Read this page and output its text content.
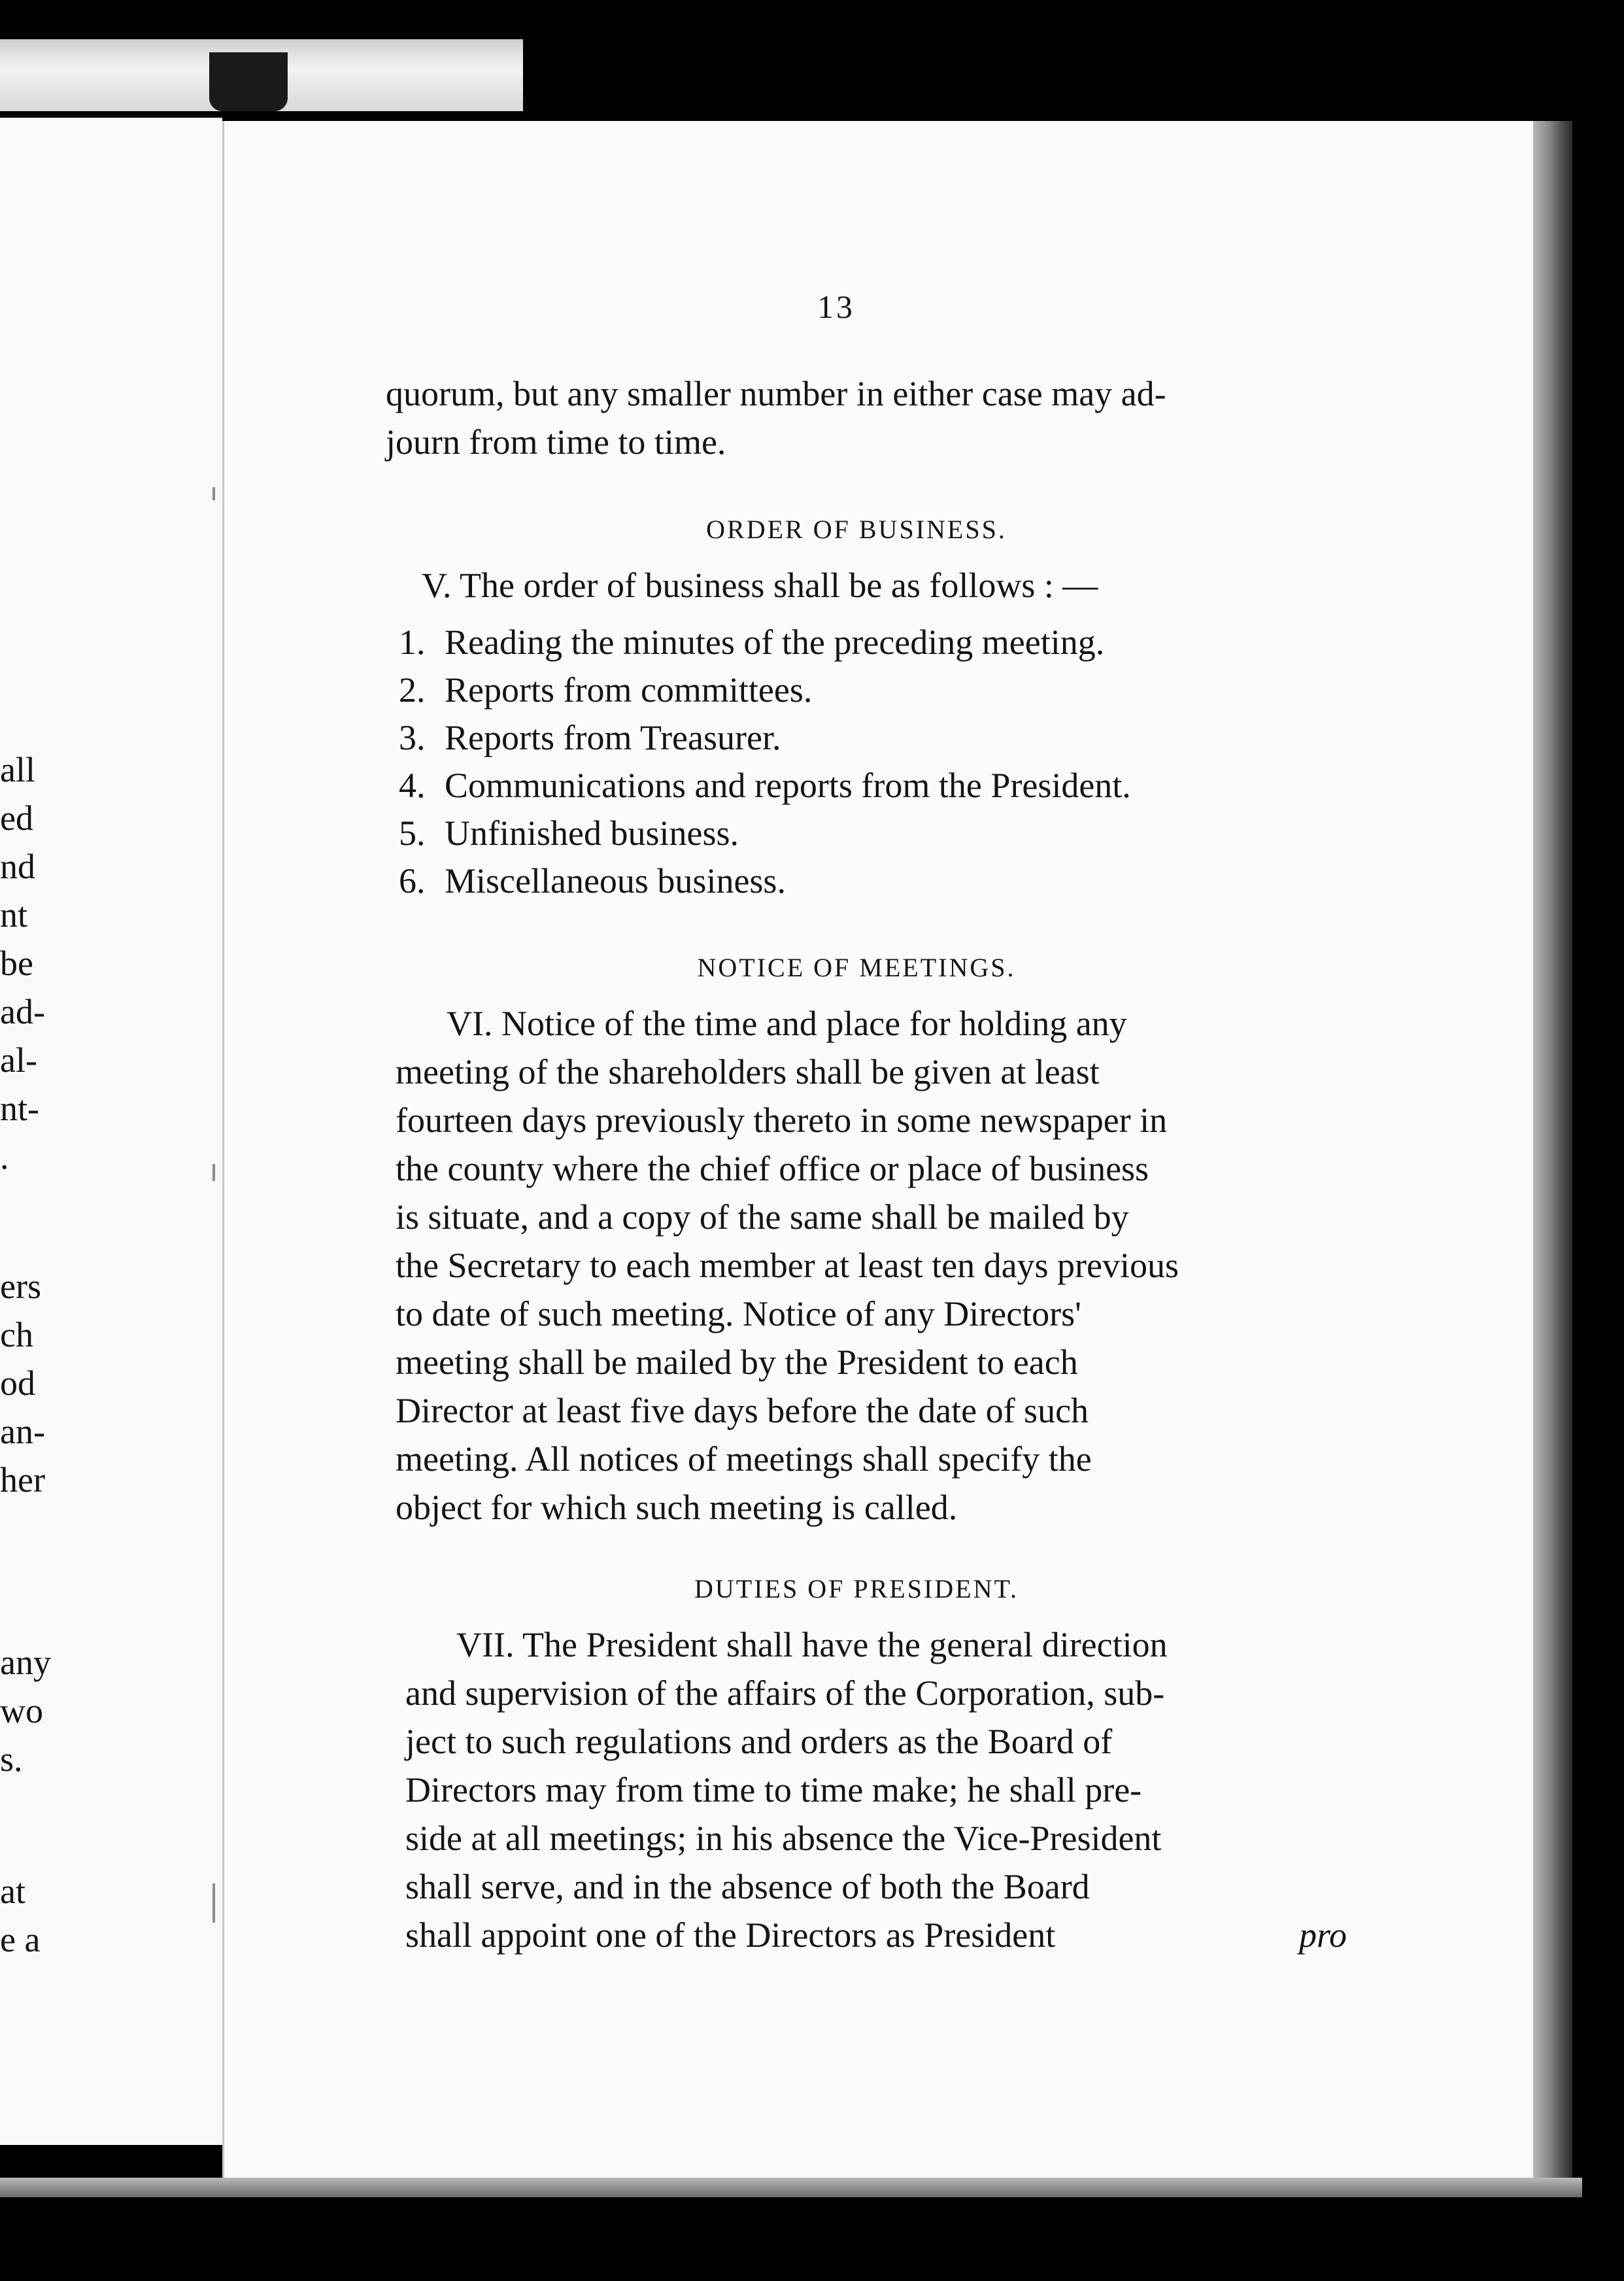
all
ed
nd
nt
be
ad-
al-
nt-
.
ers
ch
od
an-
her
any
wo
s.
at
e a
13
quorum, but any smaller number in either case may ad-
journ from time to time.
ORDER OF BUSINESS.
V. The order of business shall be as follows : —
1. Reading the minutes of the preceding meeting.
2. Reports from committees.
3. Reports from Treasurer.
4. Communications and reports from the President.
5. Unfinished business.
6. Miscellaneous business.
NOTICE OF MEETINGS.
VI. Notice of the time and place for holding any
meeting of the shareholders shall be given at least
fourteen days previously thereto in some newspaper in
the county where the chief office or place of business
is situate, and a copy of the same shall be mailed by
the Secretary to each member at least ten days previous
to date of such meeting. Notice of any Directors'
meeting shall be mailed by the President to each
Director at least five days before the date of such
meeting. All notices of meetings shall specify the
object for which such meeting is called.
DUTIES OF PRESIDENT.
VII. The President shall have the general direction
and supervision of the affairs of the Corporation, sub-
ject to such regulations and orders as the Board of
Directors may from time to time make; he shall pre-
side at all meetings; in his absence the Vice-President
shall serve, and in the absence of both the Board
shall appoint one of the Directors as President	pro
